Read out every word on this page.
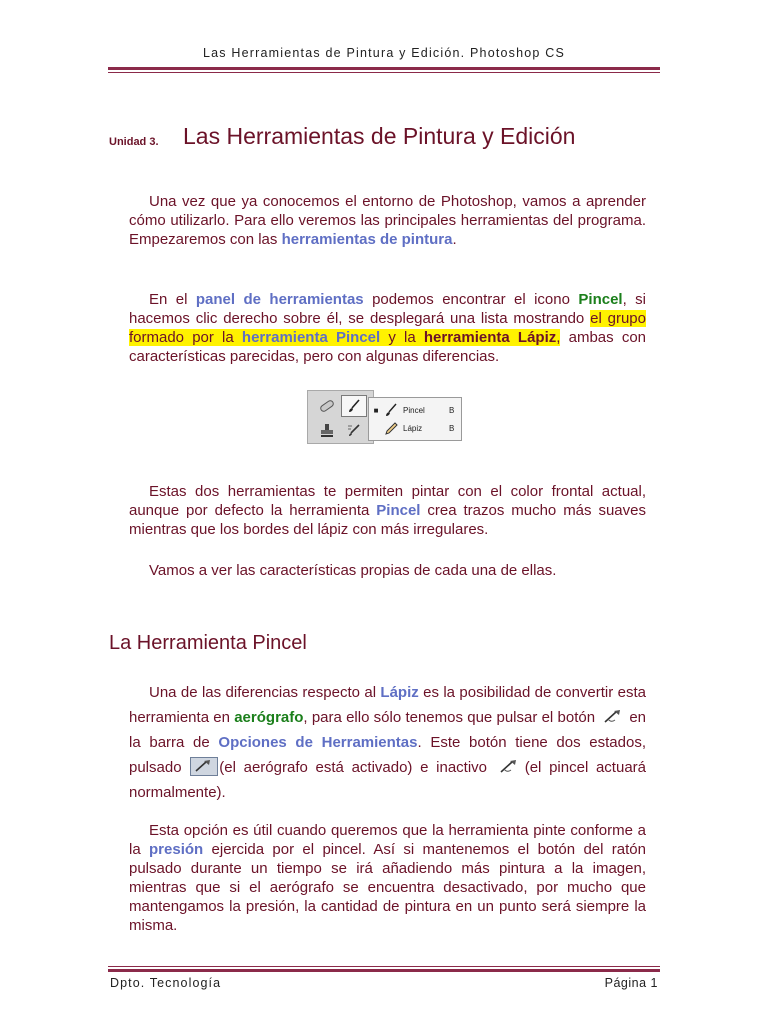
Las Herramientas de Pintura y Edición. Photoshop CS
Unidad 3. Las Herramientas de Pintura y Edición
Una vez que ya conocemos el entorno de Photoshop, vamos a aprender cómo utilizarlo. Para ello veremos las principales herramientas del programa. Empezaremos con las herramientas de pintura.
En el panel de herramientas podemos encontrar el icono Pincel, si hacemos clic derecho sobre él, se desplegará una lista mostrando el grupo formado por la herramienta Pincel y la herramienta Lápiz, ambas con características parecidas, pero con algunas diferencias.
■	Pincel	B
Lápiz	B
Estas dos herramientas te permiten pintar con el color frontal actual, aunque por defecto la herramienta Pincel crea trazos mucho más suaves mientras que los bordes del lápiz con más irregulares.
Vamos a ver las características propias de cada una de ellas.
La Herramienta Pincel
Una de las diferencias respecto al Lápiz es la posibilidad de convertir esta herramienta en aerógrafo, para ello sólo tenemos que pulsar el botón
en la barra de Opciones de Herramientas. Este botón tiene dos estados, pulsado
(el aerógrafo está activado) e inactivo
(el pincel actuará normalmente).
Esta opción es útil cuando queremos que la herramienta pinte conforme a la presión ejercida por el pincel. Así si mantenemos el botón del ratón pulsado durante un tiempo se irá añadiendo más pintura a la imagen, mientras que si el aerógrafo se encuentra desactivado, por mucho que mantengamos la presión, la cantidad de pintura en un punto será siempre la misma.
Dpto. Tecnología	Página 1
